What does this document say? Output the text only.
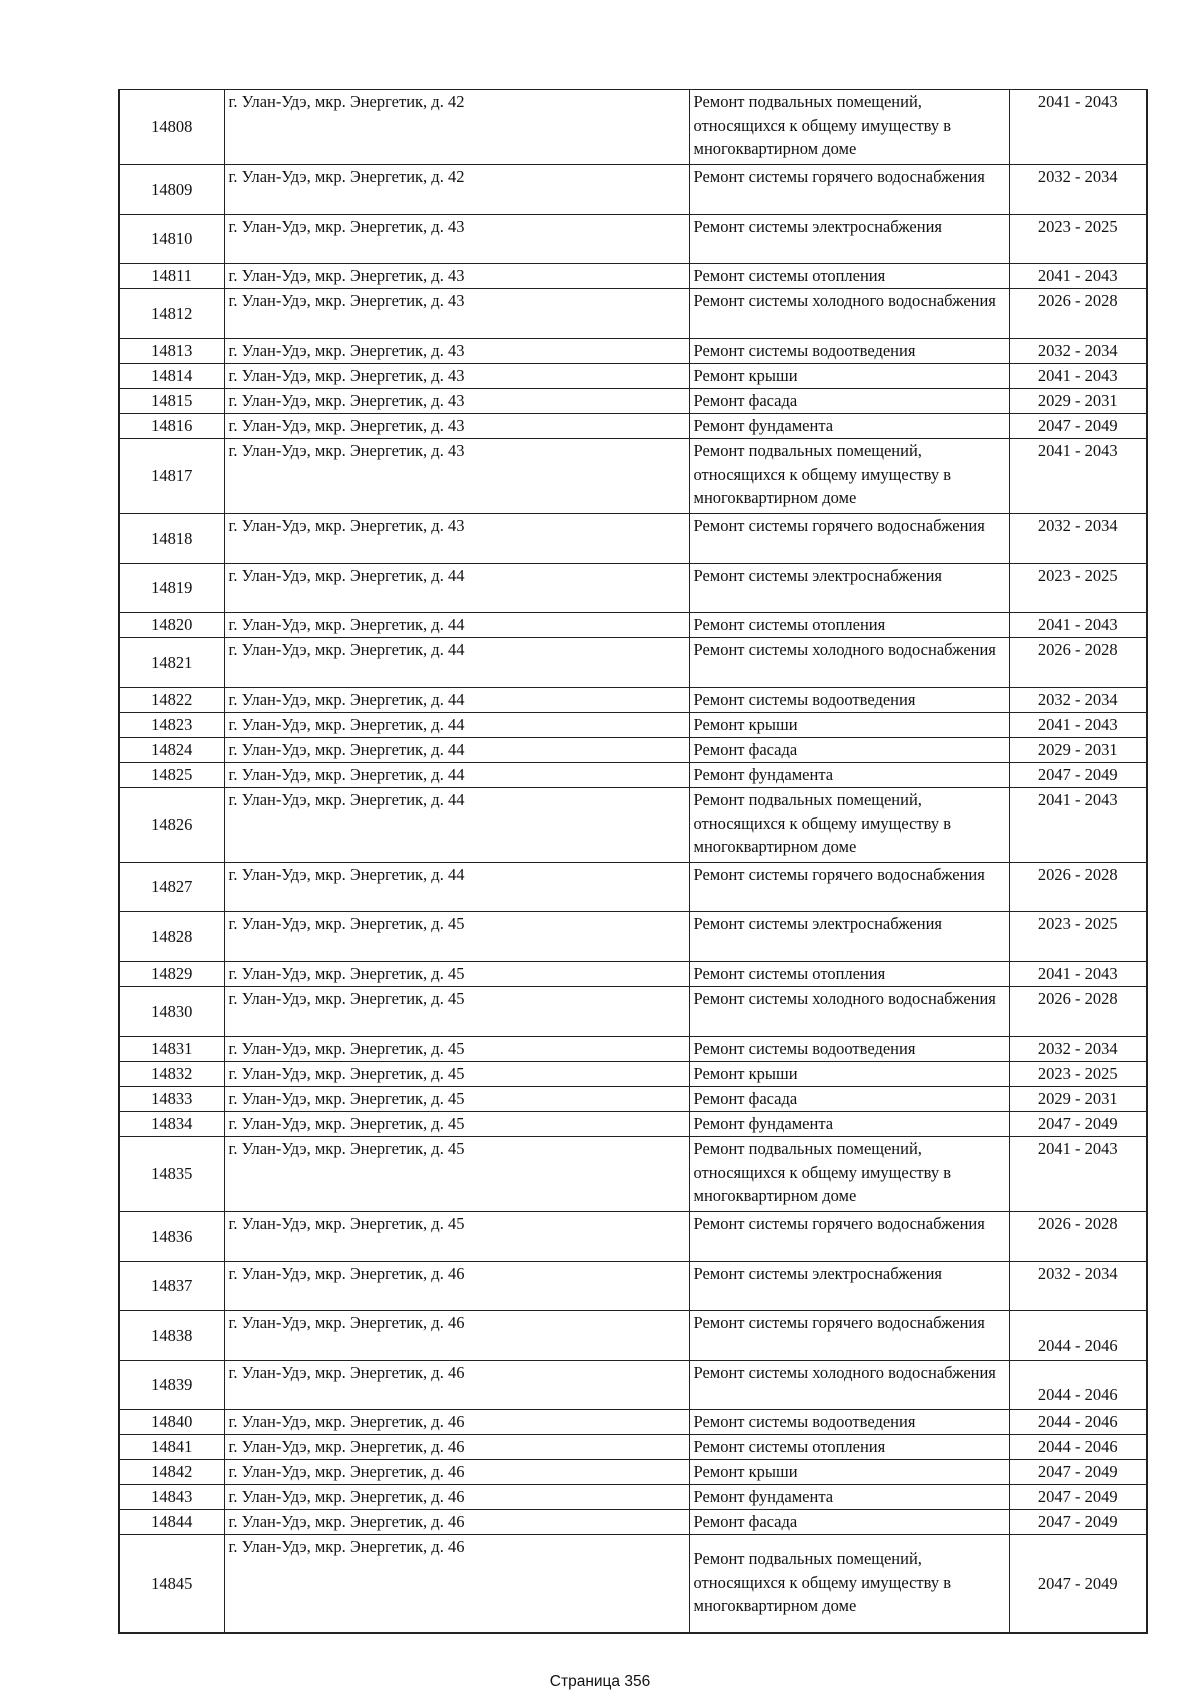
14808	г. Улан-Удэ, мкр. Энергетик, д. 42	Ремонт подвальных помещений, относящихся к общему имуществу в многоквартирном доме	2041 - 2043
14809	г. Улан-Удэ, мкр. Энергетик, д. 42	Ремонт системы горячего водоснабжения	2032 - 2034
14810	г. Улан-Удэ, мкр. Энергетик, д. 43	Ремонт системы электроснабжения	2023 - 2025
14811	г. Улан-Удэ, мкр. Энергетик, д. 43	Ремонт системы отопления	2041 - 2043
14812	г. Улан-Удэ, мкр. Энергетик, д. 43	Ремонт системы холодного водоснабжения	2026 - 2028
14813	г. Улан-Удэ, мкр. Энергетик, д. 43	Ремонт системы водоотведения	2032 - 2034
14814	г. Улан-Удэ, мкр. Энергетик, д. 43	Ремонт крыши	2041 - 2043
14815	г. Улан-Удэ, мкр. Энергетик, д. 43	Ремонт фасада	2029 - 2031
14816	г. Улан-Удэ, мкр. Энергетик, д. 43	Ремонт фундамента	2047 - 2049
14817	г. Улан-Удэ, мкр. Энергетик, д. 43	Ремонт подвальных помещений, относящихся к общему имуществу в многоквартирном доме	2041 - 2043
14818	г. Улан-Удэ, мкр. Энергетик, д. 43	Ремонт системы горячего водоснабжения	2032 - 2034
14819	г. Улан-Удэ, мкр. Энергетик, д. 44	Ремонт системы электроснабжения	2023 - 2025
14820	г. Улан-Удэ, мкр. Энергетик, д. 44	Ремонт системы отопления	2041 - 2043
14821	г. Улан-Удэ, мкр. Энергетик, д. 44	Ремонт системы холодного водоснабжения	2026 - 2028
14822	г. Улан-Удэ, мкр. Энергетик, д. 44	Ремонт системы водоотведения	2032 - 2034
14823	г. Улан-Удэ, мкр. Энергетик, д. 44	Ремонт крыши	2041 - 2043
14824	г. Улан-Удэ, мкр. Энергетик, д. 44	Ремонт фасада	2029 - 2031
14825	г. Улан-Удэ, мкр. Энергетик, д. 44	Ремонт фундамента	2047 - 2049
14826	г. Улан-Удэ, мкр. Энергетик, д. 44	Ремонт подвальных помещений, относящихся к общему имуществу в многоквартирном доме	2041 - 2043
14827	г. Улан-Удэ, мкр. Энергетик, д. 44	Ремонт системы горячего водоснабжения	2026 - 2028
14828	г. Улан-Удэ, мкр. Энергетик, д. 45	Ремонт системы электроснабжения	2023 - 2025
14829	г. Улан-Удэ, мкр. Энергетик, д. 45	Ремонт системы отопления	2041 - 2043
14830	г. Улан-Удэ, мкр. Энергетик, д. 45	Ремонт системы холодного водоснабжения	2026 - 2028
14831	г. Улан-Удэ, мкр. Энергетик, д. 45	Ремонт системы водоотведения	2032 - 2034
14832	г. Улан-Удэ, мкр. Энергетик, д. 45	Ремонт крыши	2023 - 2025
14833	г. Улан-Удэ, мкр. Энергетик, д. 45	Ремонт фасада	2029 - 2031
14834	г. Улан-Удэ, мкр. Энергетик, д. 45	Ремонт фундамента	2047 - 2049
14835	г. Улан-Удэ, мкр. Энергетик, д. 45	Ремонт подвальных помещений, относящихся к общему имуществу в многоквартирном доме	2041 - 2043
14836	г. Улан-Удэ, мкр. Энергетик, д. 45	Ремонт системы горячего водоснабжения	2026 - 2028
14837	г. Улан-Удэ, мкр. Энергетик, д. 46	Ремонт системы электроснабжения	2032 - 2034
14838	г. Улан-Удэ, мкр. Энергетик, д. 46	Ремонт системы горячего водоснабжения	2044 - 2046
14839	г. Улан-Удэ, мкр. Энергетик, д. 46	Ремонт системы холодного водоснабжения	2044 - 2046
14840	г. Улан-Удэ, мкр. Энергетик, д. 46	Ремонт системы водоотведения	2044 - 2046
14841	г. Улан-Удэ, мкр. Энергетик, д. 46	Ремонт системы отопления	2044 - 2046
14842	г. Улан-Удэ, мкр. Энергетик, д. 46	Ремонт крыши	2047 - 2049
14843	г. Улан-Удэ, мкр. Энергетик, д. 46	Ремонт фундамента	2047 - 2049
14844	г. Улан-Удэ, мкр. Энергетик, д. 46	Ремонт фасада	2047 - 2049
14845	г. Улан-Удэ, мкр. Энергетик, д. 46	Ремонт подвальных помещений, относящихся к общему имуществу в многоквартирном доме	2047 - 2049
Страница 356
